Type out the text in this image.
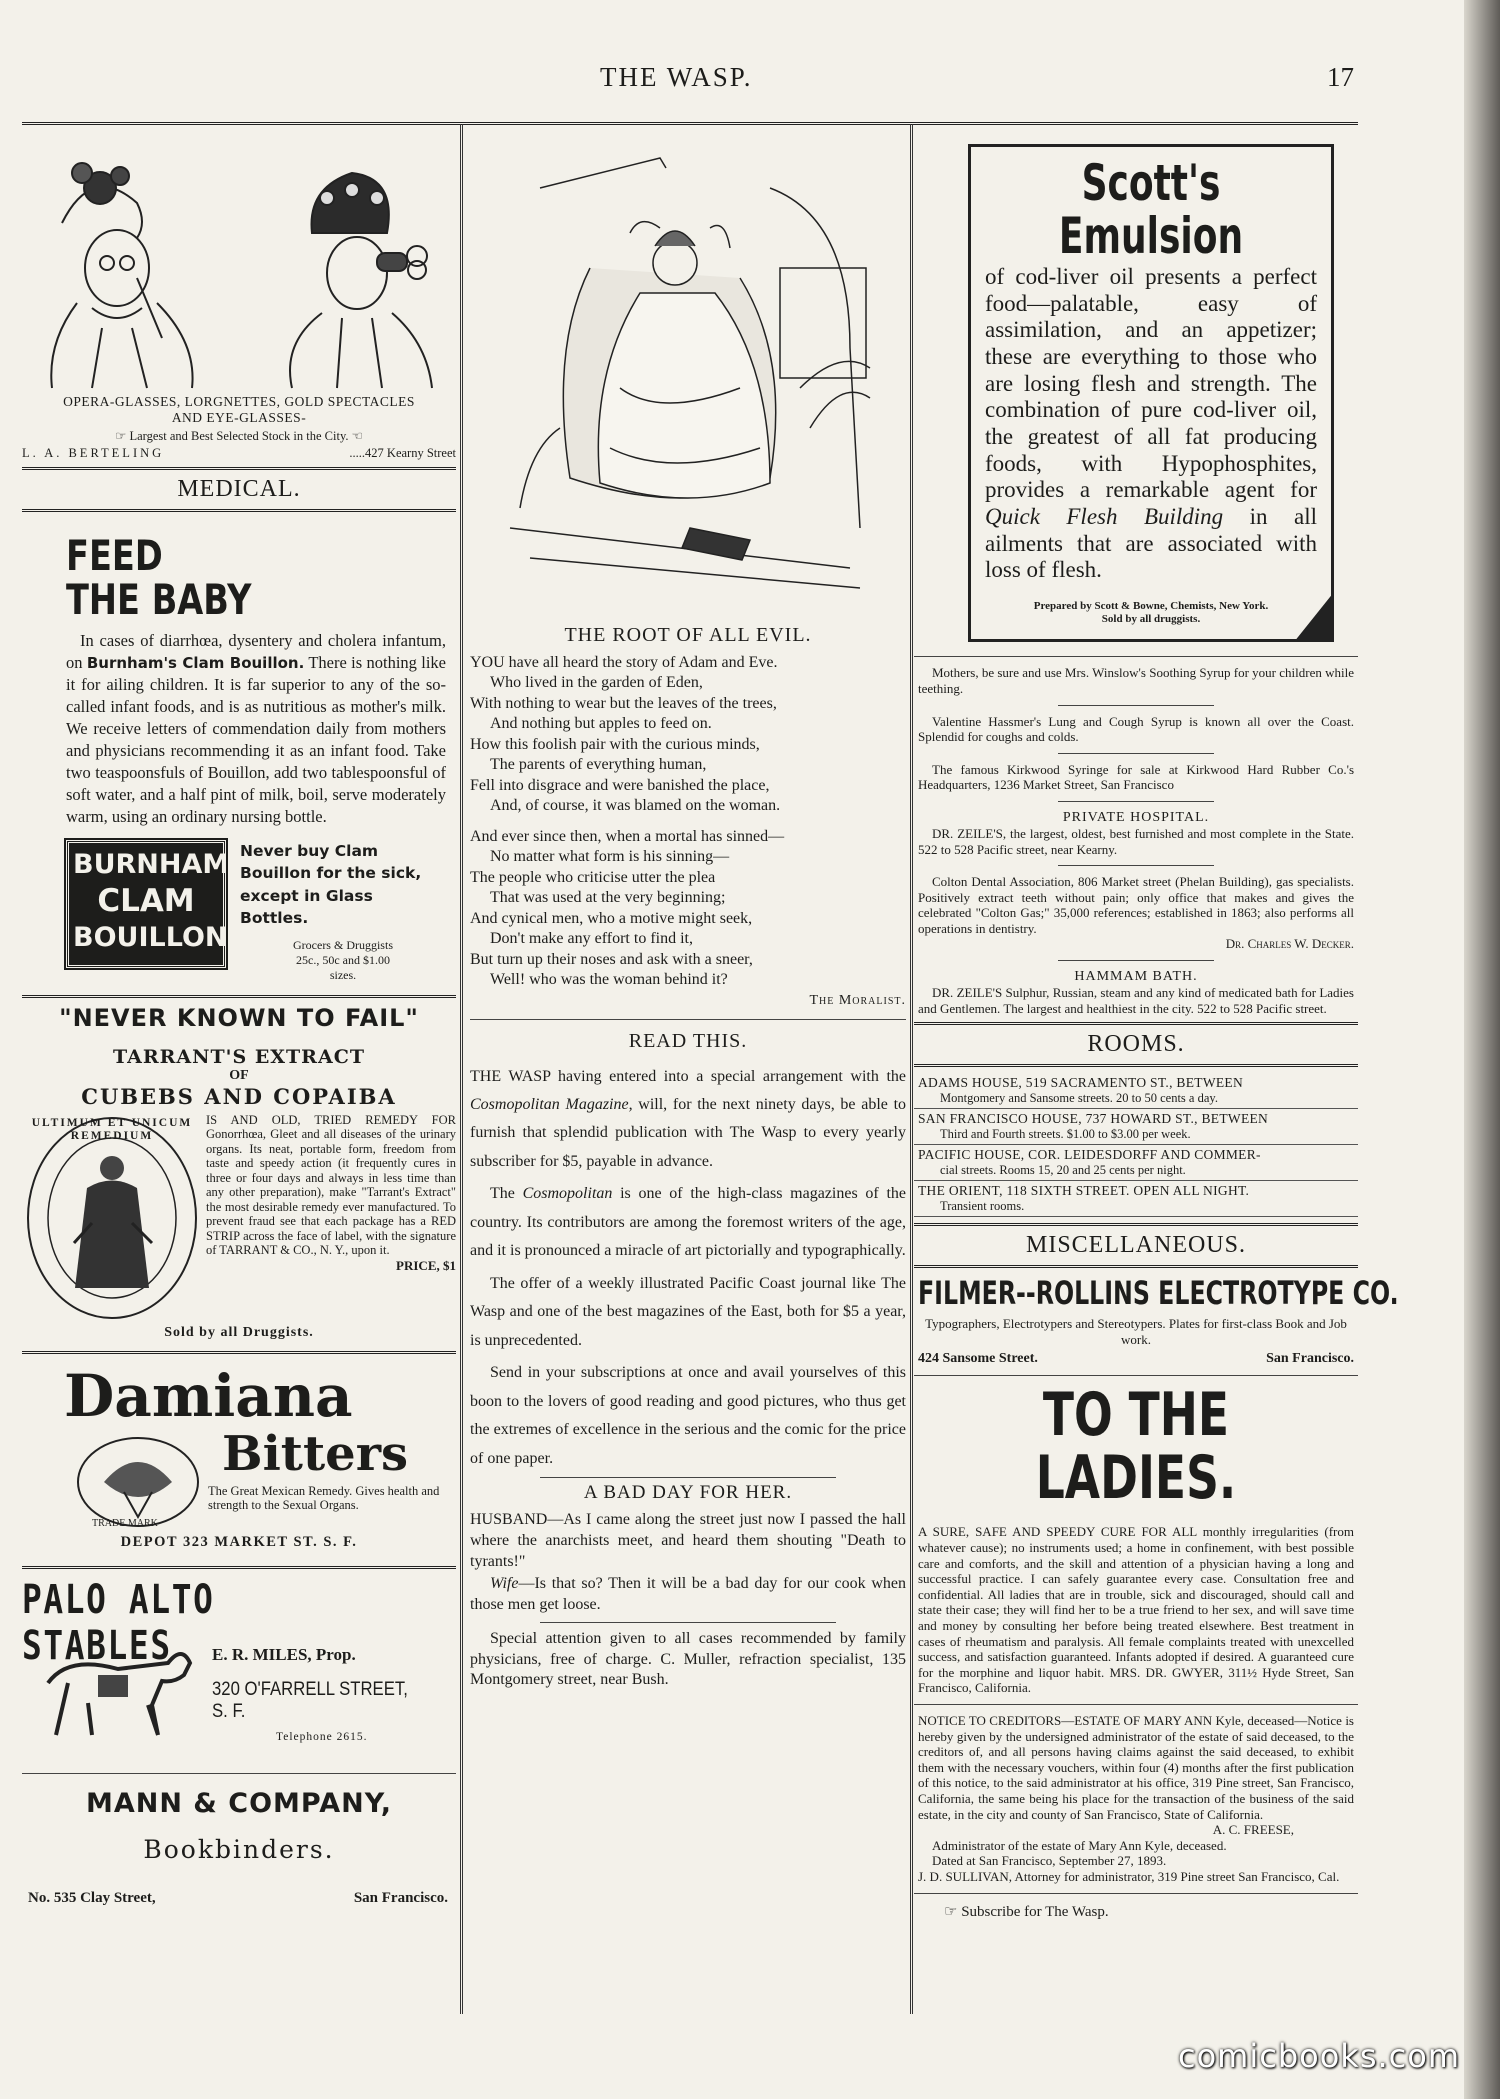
THE WASP.	17
OPERA-GLASSES, LORGNETTES, GOLD SPECTACLES
AND EYE-GLASSES-
☞ Largest and Best Selected Stock in the City. ☜
L. A. BERTELING	.....427 Kearny Street
MEDICAL.
FEED
THE BABY

In cases of diarrhœa, dysentery and cholera infantum, on Burnham's Clam Bouillon. There is nothing like it for ailing children. It is far superior to any of the so-called infant foods, and is as nutritious as mother's milk. We receive letters of commendation daily from mothers and physicians recommending it as an infant food. Take two teaspoonsfuls of Bouillon, add two tablespoonsful of soft water, and a half pint of milk, boil, serve moderately warm, using an ordinary nursing bottle.

BURNHAM'S
CLAM
BOUILLON.

Never buy Clam Bouillon for the sick, except in Glass Bottles.

Grocers & Druggists

25c., 50c and $1.00

sizes.

"NEVER KNOWN TO FAIL"
TARRANT'S EXTRACT
OF
CUBEBS AND COPAIBA
ULTIMUM ET UNICUM REMEDIUM

IS AND OLD, TRIED REMEDY FOR Gonorrhœa, Gleet and all diseases of the urinary organs. Its neat, portable form, freedom from taste and speedy action (it frequently cures in three or four days and always in less time than any other preparation), make "Tarrant's Extract" the most desirable remedy ever manufactured. To prevent fraud see that each package has a RED STRIP across the face of label, with the signature of TARRANT & CO., N. Y., upon it.

PRICE, $1

Sold by all Druggists.
Damiana
Bitters
TRADE MARK

The Great Mexican Remedy. Gives health and strength to the Sexual Organs.

DEPOT 323 MARKET ST. S. F.
PALO ALTO STABLES	E. R. MILES, Prop.
320 O'FARRELL STREET, S. F.
Telephone 2615.
MANN & COMPANY,
Bookbinders.
No. 535 Clay Street,	San Francisco.
THE ROOT OF ALL EVIL.

YOU have all heard the story of Adam and Eve.

Who lived in the garden of Eden,

With nothing to wear but the leaves of the trees,

And nothing but apples to feed on.

How this foolish pair with the curious minds,

The parents of everything human,

Fell into disgrace and were banished the place,

And, of course, it was blamed on the woman.

And ever since then, when a mortal has sinned—

No matter what form is his sinning—

The people who criticise utter the plea

That was used at the very beginning;

And cynical men, who a motive might seek,

Don't make any effort to find it,

But turn up their noses and ask with a sneer,

Well! who was the woman behind it?

The Moralist.
READ THIS.

THE WASP having entered into a special arrangement with the Cosmopolitan Magazine, will, for the next ninety days, be able to furnish that splendid publication with The Wasp to every yearly subscriber for $5, payable in advance.

The Cosmopolitan is one of the high-class magazines of the country. Its contributors are among the foremost writers of the age, and it is pronounced a miracle of art pictorially and typographically.

The offer of a weekly illustrated Pacific Coast journal like The Wasp and one of the best magazines of the East, both for $5 a year, is unprecedented.

Send in your subscriptions at once and avail yourselves of this boon to the lovers of good reading and good pictures, who thus get the extremes of excellence in the serious and the comic for the price of one paper.

A BAD DAY FOR HER.

HUSBAND—As I came along the street just now I passed the hall where the anarchists meet, and heard them shouting "Death to tyrants!"

Wife—Is that so? Then it will be a bad day for our cook when those men get loose.

Special attention given to all cases recommended by family physicians, free of charge. C. Muller, refraction specialist, 135 Montgomery street, near Bush.

Scott's Emulsion

of cod-liver oil presents a perfect food—palatable, easy of assimilation, and an appetizer; these are everything to those who are losing flesh and strength. The combination of pure cod-liver oil, the greatest of all fat producing foods, with Hypophosphites, provides a remarkable agent for Quick Flesh Building in all ailments that are associated with loss of flesh.

Prepared by Scott & Bowne, Chemists, New York. Sold by all druggists.

Mothers, be sure and use Mrs. Winslow's Soothing Syrup for your children while teething.

Valentine Hassmer's Lung and Cough Syrup is known all over the Coast. Splendid for coughs and colds.

The famous Kirkwood Syringe for sale at Kirkwood Hard Rubber Co.'s Headquarters, 1236 Market Street, San Francisco

PRIVATE HOSPITAL.

DR. ZEILE'S, the largest, oldest, best furnished and most complete in the State. 522 to 528 Pacific street, near Kearny.

Colton Dental Association, 806 Market street (Phelan Building), gas specialists. Positively extract teeth without pain; only office that makes and gives the celebrated "Colton Gas;" 35,000 references; established in 1863; also performs all operations in dentistry.

Dr. Charles W. Decker.

HAMMAM BATH.

DR. ZEILE'S Sulphur, Russian, steam and any kind of medicated bath for Ladies and Gentlemen. The largest and healthiest in the city. 522 to 528 Pacific street.

ROOMS.
ADAMS HOUSE, 519 SACRAMENTO ST., BETWEEN
Montgomery and Sansome streets. 20 to 50 cents a day.
SAN FRANCISCO HOUSE, 737 HOWARD ST., BETWEEN
Third and Fourth streets. $1.00 to $3.00 per week.
PACIFIC HOUSE, COR. LEIDESDORFF AND COMMER-
cial streets. Rooms 15, 20 and 25 cents per night.
THE ORIENT, 118 SIXTH STREET. OPEN ALL NIGHT.
Transient rooms.
MISCELLANEOUS.
FILMER--ROLLINS ELECTROTYPE CO.

Typographers, Electrotypers and Stereotypers. Plates for first-class Book and Job work.

424 Sansome Street.	San Francisco.
TO THE LADIES.

A SURE, SAFE AND SPEEDY CURE FOR ALL monthly irregularities (from whatever cause); no instruments used; a home in confinement, with best possible care and comforts, and the skill and attention of a physician having a long and successful practice. I can safely guarantee every case. Consultation free and confidential. All ladies that are in trouble, sick and discouraged, should call and state their case; they will find her to be a true friend to her sex, and will save time and money by consulting her before being treated elsewhere. Best treatment in cases of rheumatism and paralysis. All female complaints treated with unexcelled success, and satisfaction guaranteed. Infants adopted if desired. A guaranteed cure for the morphine and liquor habit. MRS. DR. GWYER, 311½ Hyde Street, San Francisco, California.

NOTICE TO CREDITORS—ESTATE OF MARY ANN Kyle, deceased—Notice is hereby given by the undersigned administrator of the estate of said deceased, to the creditors of, and all persons having claims against the said deceased, to exhibit them with the necessary vouchers, within four (4) months after the first publication of this notice, to the said administrator at his office, 319 Pine street, San Francisco, California, the same being his place for the transaction of the business of the said estate, in the city and county of San Francisco, State of California.

A. C. FREESE,

Administrator of the estate of Mary Ann Kyle, deceased.

Dated at San Francisco, September 27, 1893.

J. D. SULLIVAN, Attorney for administrator, 319 Pine street San Francisco, Cal.

☞ Subscribe for The Wasp.
comicbooks.com
